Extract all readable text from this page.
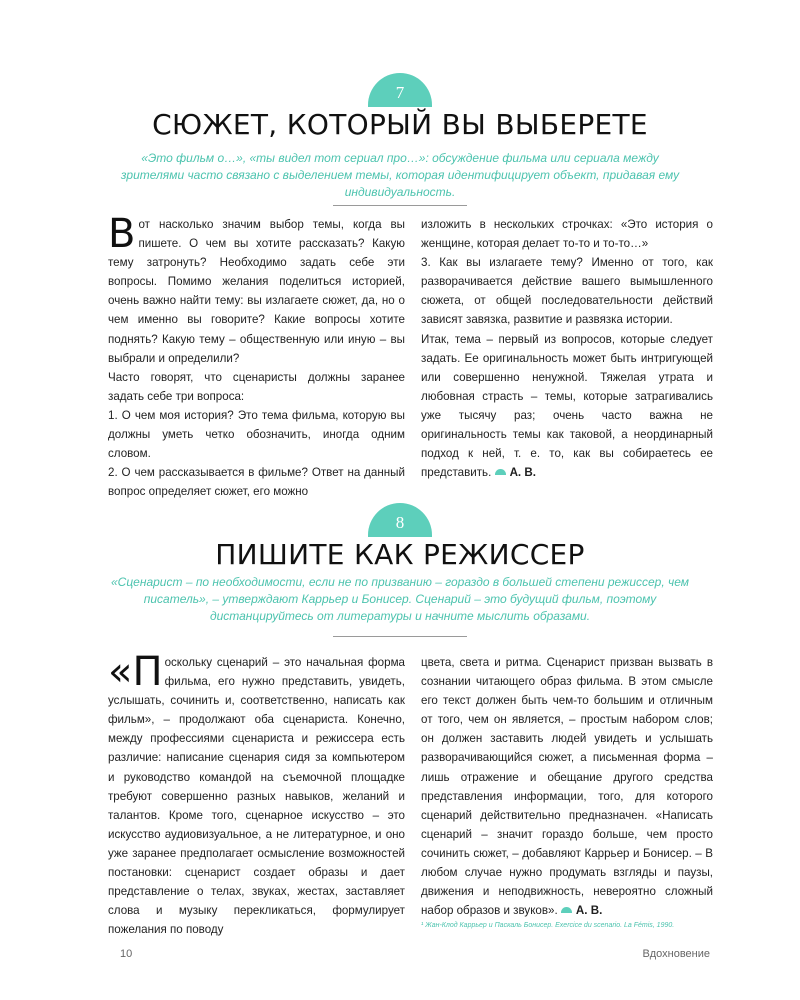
7
СЮЖЕТ, КОТОРЫЙ ВЫ ВЫБЕРЕТЕ

«Это фильм о…», «ты видел тот сериал про…»: обсуждение фильма или сериала между зрителями часто связано с выделением темы, которая идентифицирует объект, придавая ему индивидуальность.

В от насколько значим выбор темы, когда вы пишете. О чем вы хотите рассказать? Какую тему затронуть? Необходимо задать себе эти вопросы. Помимо желания поделиться историей, очень важно найти тему: вы излагаете сюжет, да, но о чем именно вы говорите? Какие вопросы хотите поднять? Какую тему – общественную или иную – вы выбрали и определили?

Часто говорят, что сценаристы должны заранее задать себе три вопроса:

1. О чем моя история? Это тема фильма, которую вы должны уметь четко обозначить, иногда одним словом.

2. О чем рассказывается в фильме? Ответ на данный вопрос определяет сюжет, его можно

изложить в нескольких строчках: «Это история о женщине, которая делает то-то и то-то…»

3. Как вы излагаете тему? Именно от того, как разворачивается действие вашего вымышленного сюжета, от общей последовательности действий зависят завязка, развитие и развязка истории.

Итак, тема – первый из вопросов, которые следует задать. Ее оригинальность может быть интригующей или совершенно ненужной. Тяжелая утрата и любовная страсть – темы, которые затрагивались уже тысячу раз; очень часто важна не оригинальность темы как таковой, а неординарный подход к ней, т. е. то, как вы собираетесь ее представить. А. В.

8
ПИШИТЕ КАК РЕЖИССЕР

«Сценарист – по необходимости, если не по призванию – гораздо в большей степени режиссер, чем писатель», – утверждают Каррьер и Бонисер. Сценарий – это будущий фильм, поэтому дистанцируйтесь от литературы и начните мыслить образами.

«П оскольку сценарий – это начальная форма фильма, его нужно представить, увидеть, услышать, сочинить и, соответственно, написать как фильм», – продолжают оба сценариста. Конечно, между профессиями сценариста и режиссера есть различие: написание сценария сидя за компьютером и руководство командой на съемочной площадке требуют совершенно разных навыков, желаний и талантов. Кроме того, сценарное искусство – это искусство аудиовизуальное, а не литературное, и оно уже заранее предполагает осмысление возможностей постановки: сценарист создает образы и дает представление о телах, звуках, жестах, заставляет слова и музыку перекликаться, формулирует пожелания по поводу

цвета, света и ритма. Сценарист призван вызвать в сознании читающего образ фильма. В этом смысле его текст должен быть чем-то большим и отличным от того, чем он является, – простым набором слов; он должен заставить людей увидеть и услышать разворачивающийся сюжет, а письменная форма – лишь отражение и обещание другого средства представления информации, того, для которого сценарий действительно предназначен. «Написать сценарий – значит гораздо больше, чем просто сочинить сюжет, – добавляют Каррьер и Бонисер. – В любом случае нужно продумать взгляды и паузы, движения и неподвижность, невероятно сложный набор образов и звуков». А. В.

¹ Жан-Клод Каррьер и Паскаль Бонисер. Exercice du scenario. La Fémis, 1990.
10	Вдохновение
